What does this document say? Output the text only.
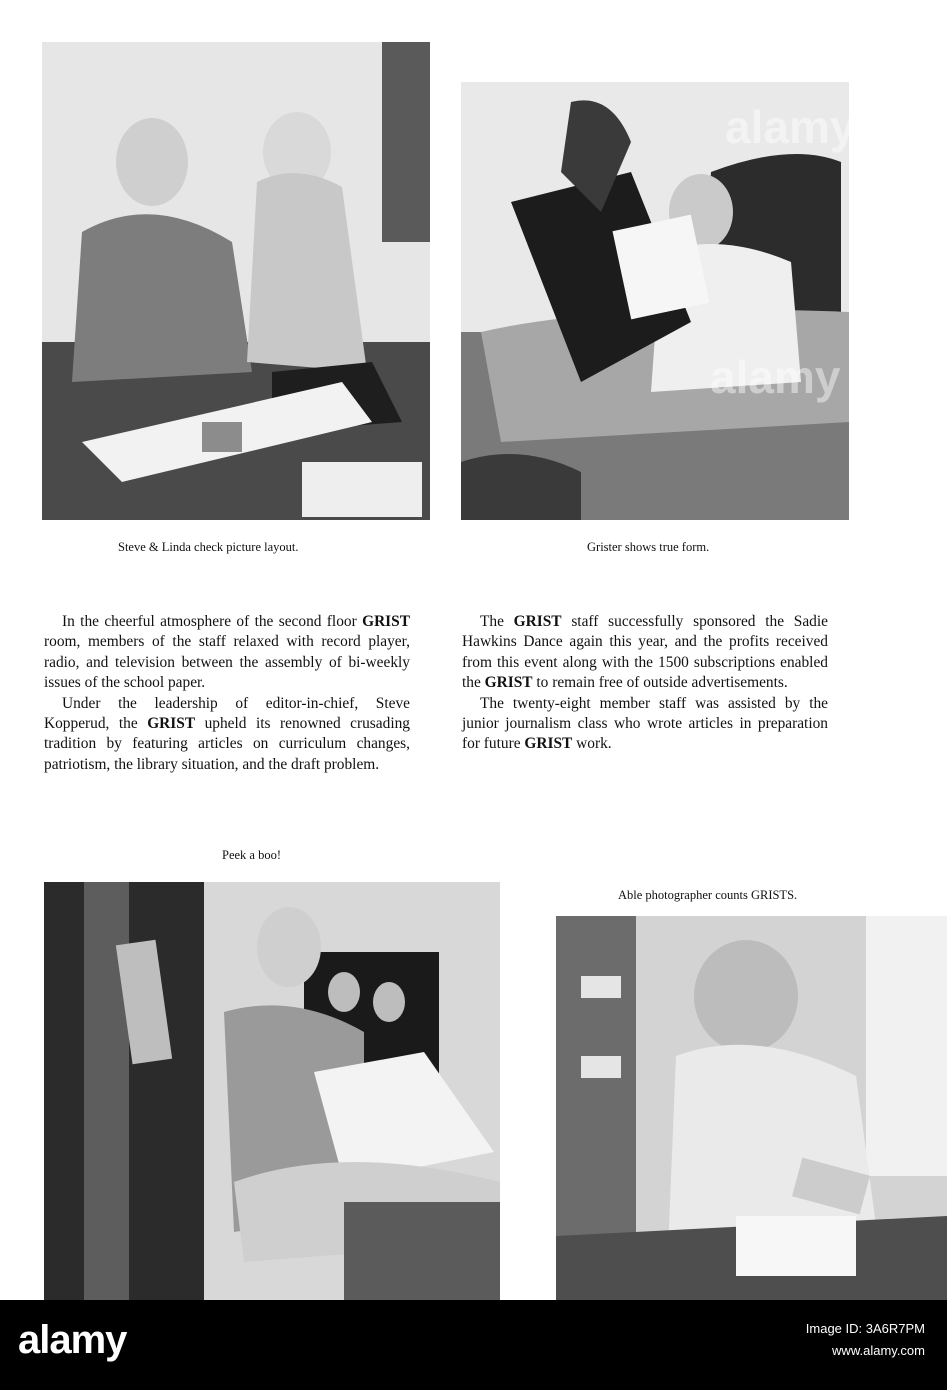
Steve & Linda check picture layout.	Grister shows true form.

In the cheerful atmosphere of the second floor GRIST room, members of the staff relaxed with record player, radio, and television between the assembly of bi-weekly issues of the school paper.

Under the leadership of editor-in-chief, Steve Kopperud, the GRIST upheld its renowned crusading tradition by featuring articles on curriculum changes, patriotism, the library situation, and the draft problem.

The GRIST staff successfully sponsored the Sadie Hawkins Dance again this year, and the profits received from this event along with the 1500 subscriptions enabled the GRIST to remain free of outside advertisements.

The twenty-eight member staff was assisted by the junior journalism class who wrote articles in preparation for future GRIST work.

Peek a boo!
Able photographer counts GRISTS.
alamy
alamy
alamy	Image ID: 3A6R7PM
www.alamy.com
